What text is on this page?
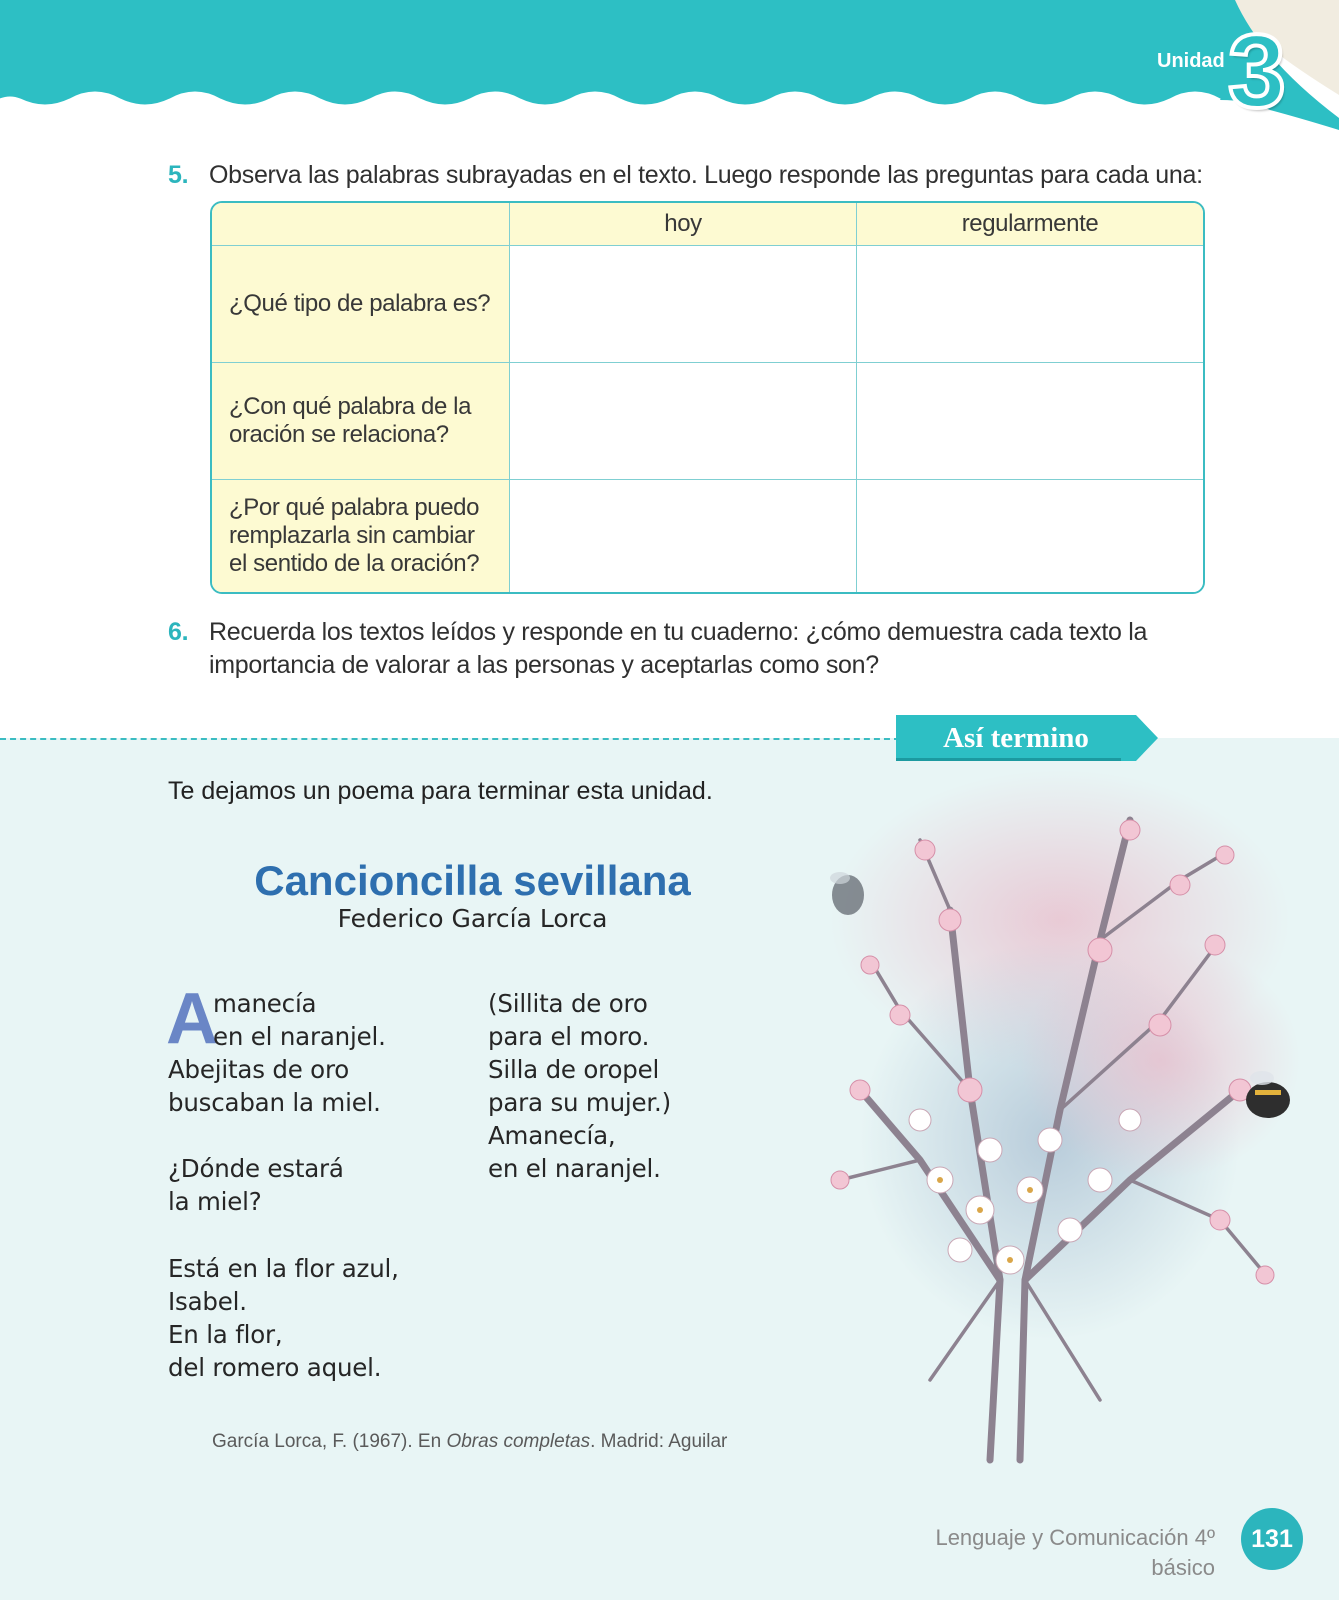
Unidad 3
5. Observa las palabras subrayadas en el texto. Luego responde las preguntas para cada una:
hoy	regularmente
¿Qué tipo de palabra es?
¿Con qué palabra de la oración se relaciona?
¿Por qué palabra puedo remplazarla sin cambiar el sentido de la oración?
6. Recuerda los textos leídos y responde en tu cuaderno: ¿cómo demuestra cada texto la importancia de valorar a las personas y aceptarlas como son?
Así termino
Te dejamos un poema para terminar esta unidad.
Cancioncilla sevillana
Federico García Lorca
A
manecía
en el naranjel.
Abejitas de oro
buscaban la miel.
¿Dónde estará
la miel?
Está en la flor azul,
Isabel.
En la flor,
del romero aquel.
(Sillita de oro
para el moro.
Silla de oropel
para su mujer.)
Amanecía,
en el naranjel.
García Lorca, F. (1967). En Obras completas. Madrid: Aguilar
Lenguaje y Comunicación 4º básico
131
